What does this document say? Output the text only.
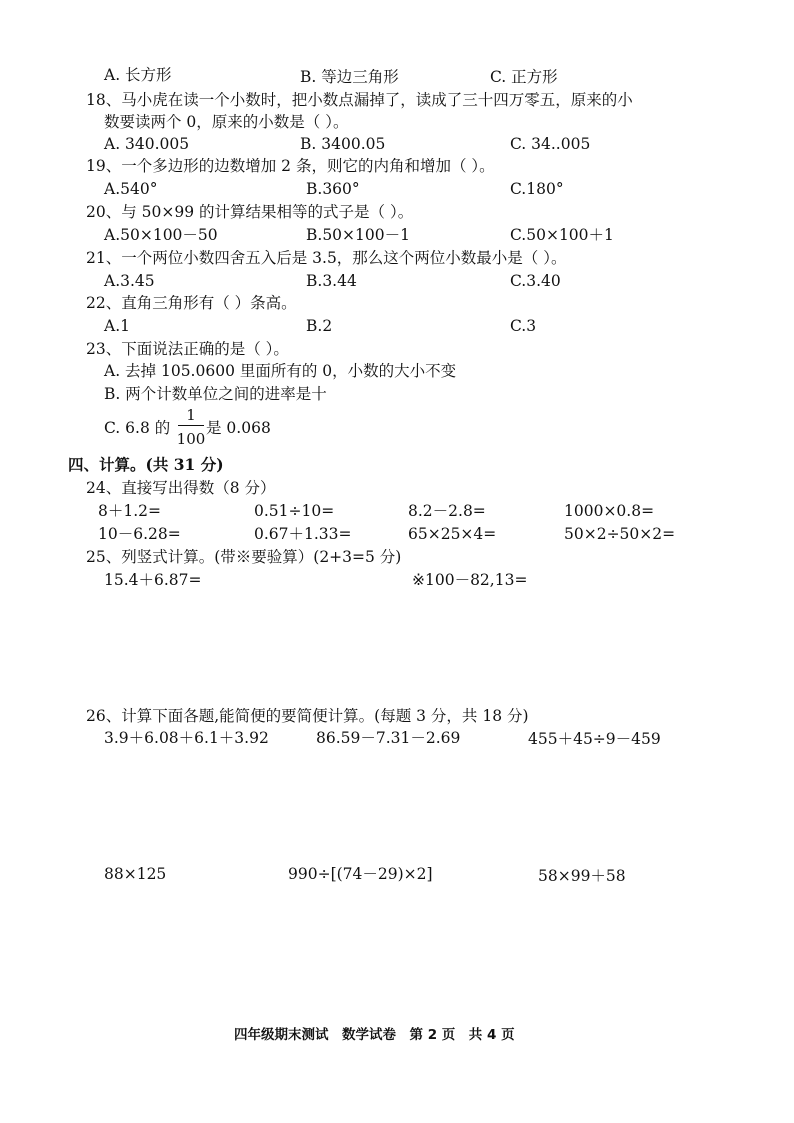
A. 长方形	B. 等边三角形	C. 正方形
18、马小虎在读一个小数时，把小数点漏掉了，读成了三十四万零五，原来的小
数要读两个 0，原来的小数是（ ）。
A. 340.005	B. 3400.05	C. 34..005
19、一个多边形的边数增加 2 条，则它的内角和增加（ ）。
A.540°	B.360°	C.180°
20、与 50×99 的计算结果相等的式子是（ ）。
A.50×100－50	B.50×100－1	C.50×100＋1
21、一个两位小数四舍五入后是 3.5，那么这个两位小数最小是（ ）。
A.3.45	B.3.44	C.3.40
22、直角三角形有（ ）条高。
A.1	B.2	C.3
23、下面说法正确的是（ ）。
A. 去掉 105.0600 里面所有的 0，小数的大小不变
B. 两个计数单位之间的进率是十
C. 6.8 的
1
100
是 0.068
四、计算。(共 31 分)
24、直接写出得数（8 分）
8＋1.2=	0.51÷10=	8.2－2.8=	1000×0.8=
10－6.28=	0.67＋1.33=	65×25×4=	50×2÷50×2=
25、列竖式计算。(带※要验算）(2+3=5 分)
15.4＋6.87=	※100－82,13=
26、计算下面各题,能简便的要简便计算。(每题 3 分，共 18 分)
3.9＋6.08＋6.1＋3.92	86.59－7.31－2.69	455＋45÷9－459
88×125	990÷[(74－29)×2]	58×99＋58
四年级期末测试　数学试卷　第 2 页　共 4 页
